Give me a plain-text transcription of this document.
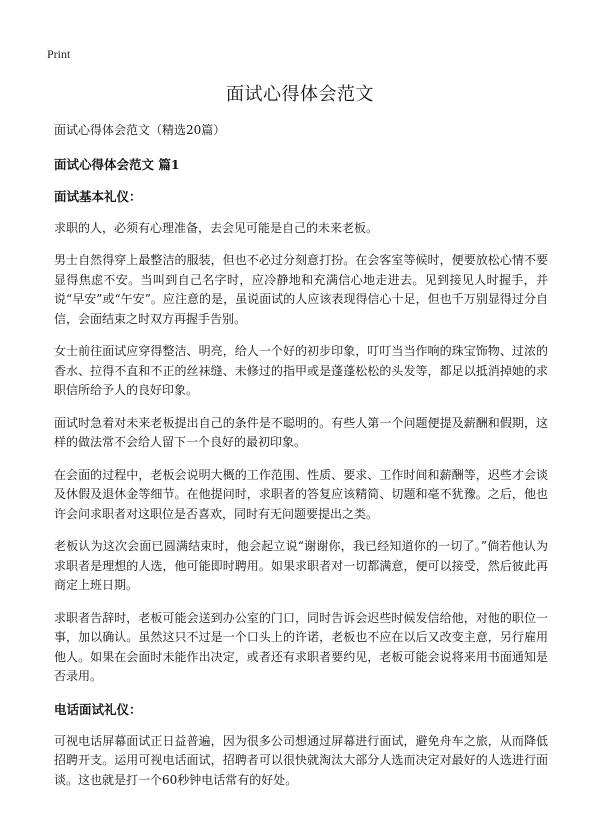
Print
面试心得体会范文

面试心得体会范文（精选20篇）

面试心得体会范文 篇1
面试基本礼仪：

求职的人，必须有心理准备，去会见可能是自己的未来老板。

男士自然得穿上最整洁的服装，但也不必过分刻意打扮。在会客室等候时，便要放松心情不要显得焦虑不安。当叫到自己名字时，应冷静地和充满信心地走进去。见到接见人时握手，并说“早安”或“午安”。应注意的是，虽说面试的人应该表现得信心十足，但也千万别显得过分自信，会面结束之时双方再握手告别。

女士前往面试应穿得整洁、明亮，给人一个好的初步印象，叮叮当当作响的珠宝饰物、过浓的香水、拉得不直和不正的丝袜缝、未修过的指甲或是蓬蓬松松的头发等，都足以抵消掉她的求职信所给予人的良好印象。

面试时急着对未来老板提出自己的条件是不聪明的。有些人第一个问题便提及薪酬和假期，这样的做法常不会给人留下一个良好的最初印象。

在会面的过程中，老板会说明大概的工作范围、性质、要求、工作时间和薪酬等，迟些才会谈及休假及退休金等细节。在他提问时，求职者的答复应该精简、切题和毫不犹豫。之后，他也许会问求职者对这职位是否喜欢，同时有无问题要提出之类。

老板认为这次会面已圆满结束时，他会起立说“谢谢你，我已经知道你的一切了。”倘若他认为求职者是理想的人选，他可能即时聘用。如果求职者对一切都满意，便可以接受，然后彼此再商定上班日期。

求职者告辞时，老板可能会送到办公室的门口，同时告诉会迟些时候发信给他，对他的职位一事，加以确认。虽然这只不过是一个口头上的许诺，老板也不应在以后又改变主意，另行雇用他人。如果在会面时未能作出决定，或者还有求职者要约见，老板可能会说将来用书面通知是否录用。

电话面试礼仪：

可视电话屏幕面试正日益普遍，因为很多公司想通过屏幕进行面试，避免舟车之旅，从而降低招聘开支。运用可视电话面试，招聘者可以很快就淘汰大部分人选而决定对最好的人选进行面谈。这也就是打一个60秒钟电话常有的好处。
